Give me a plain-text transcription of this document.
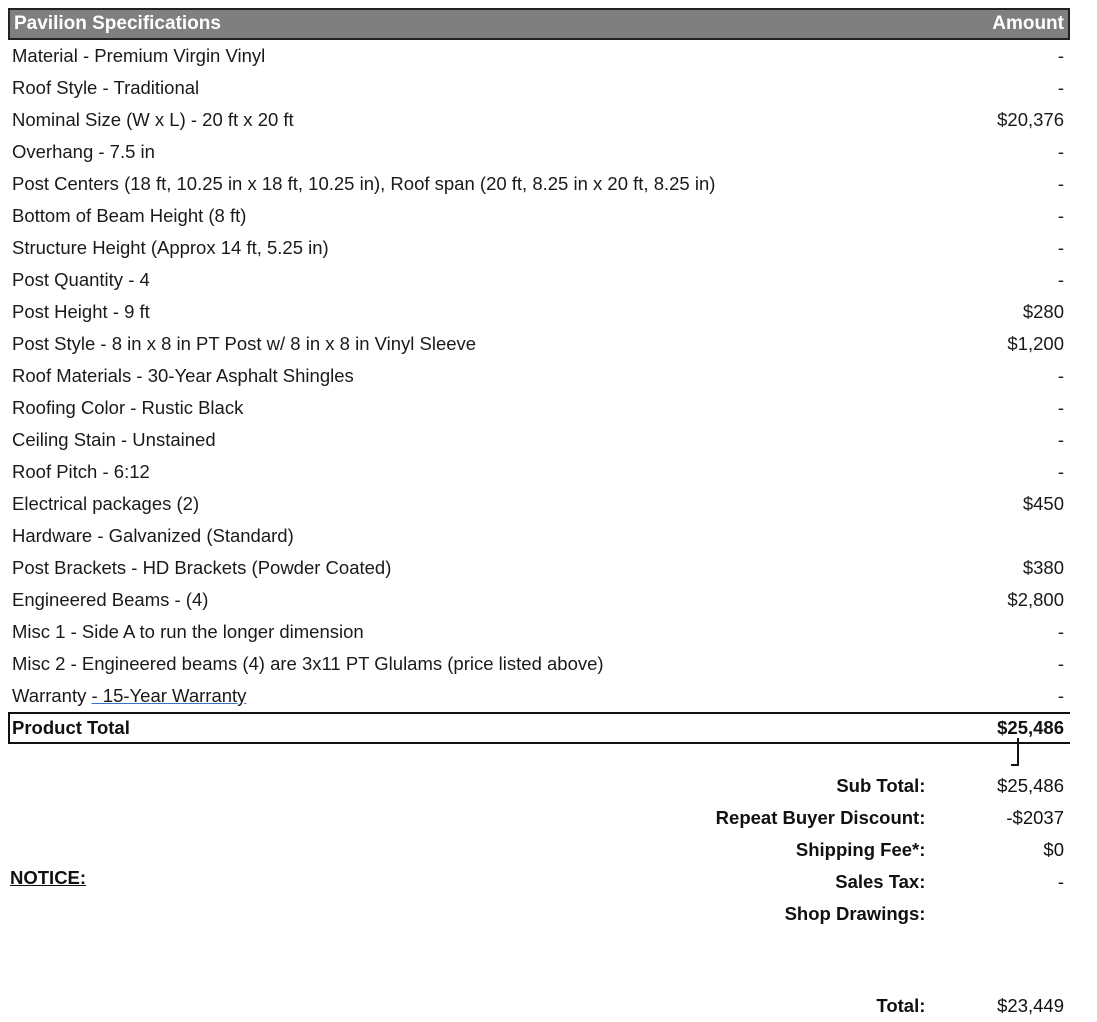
Pavilion Specifications	Amount
Material - Premium Virgin Vinyl	-
Roof Style - Traditional	-
Nominal Size (W x L) - 20 ft x 20 ft	$20,376
Overhang - 7.5 in	-
Post Centers (18 ft, 10.25 in x 18 ft, 10.25 in), Roof span (20 ft, 8.25 in x 20 ft, 8.25 in)	-
Bottom of Beam Height (8 ft)	-
Structure Height (Approx 14 ft, 5.25 in)	-
Post Quantity - 4	-
Post Height - 9 ft	$280
Post Style - 8 in x 8 in PT Post w/ 8 in x 8 in Vinyl Sleeve	$1,200
Roof Materials - 30-Year Asphalt Shingles	-
Roofing Color - Rustic Black	-
Ceiling Stain - Unstained	-
Roof Pitch - 6:12	-
Electrical packages (2)	$450
Hardware - Galvanized (Standard)
Post Brackets - HD Brackets (Powder Coated)	$380
Engineered Beams - (4)	$2,800
Misc 1 - Side A to run the longer dimension	-
Misc 2 - Engineered beams (4) are 3x11 PT Glulams (price listed above)	-
Warranty - 15-Year Warranty	-
Product Total	$25,486
Sub Total:	$25,486
Repeat Buyer Discount:	-$2037
Shipping Fee*:	$0
Sales Tax:	-
Shop Drawings:
NOTICE:
Total:	$23,449
